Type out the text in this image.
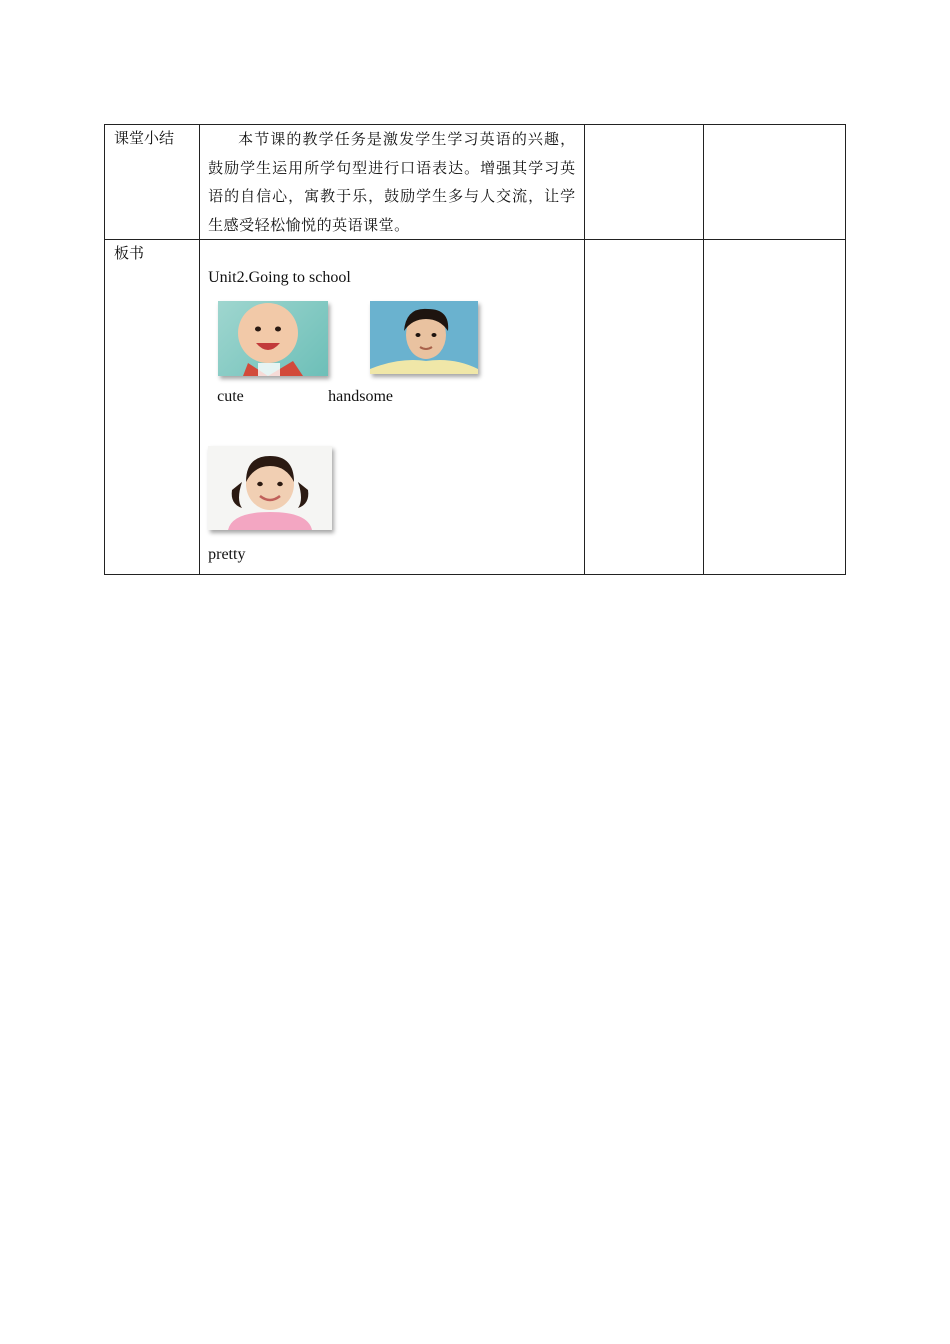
课堂小结	本节课的教学任务是激发学生学习英语的兴趣，鼓励学生运用所学句型进行口语表达。增强其学习英语的自信心，寓教于乐，鼓励学生多与人交流，让学生感受轻松愉悦的英语课堂。		

板书	Unit2.Going to school
cute handsome
pretty		
